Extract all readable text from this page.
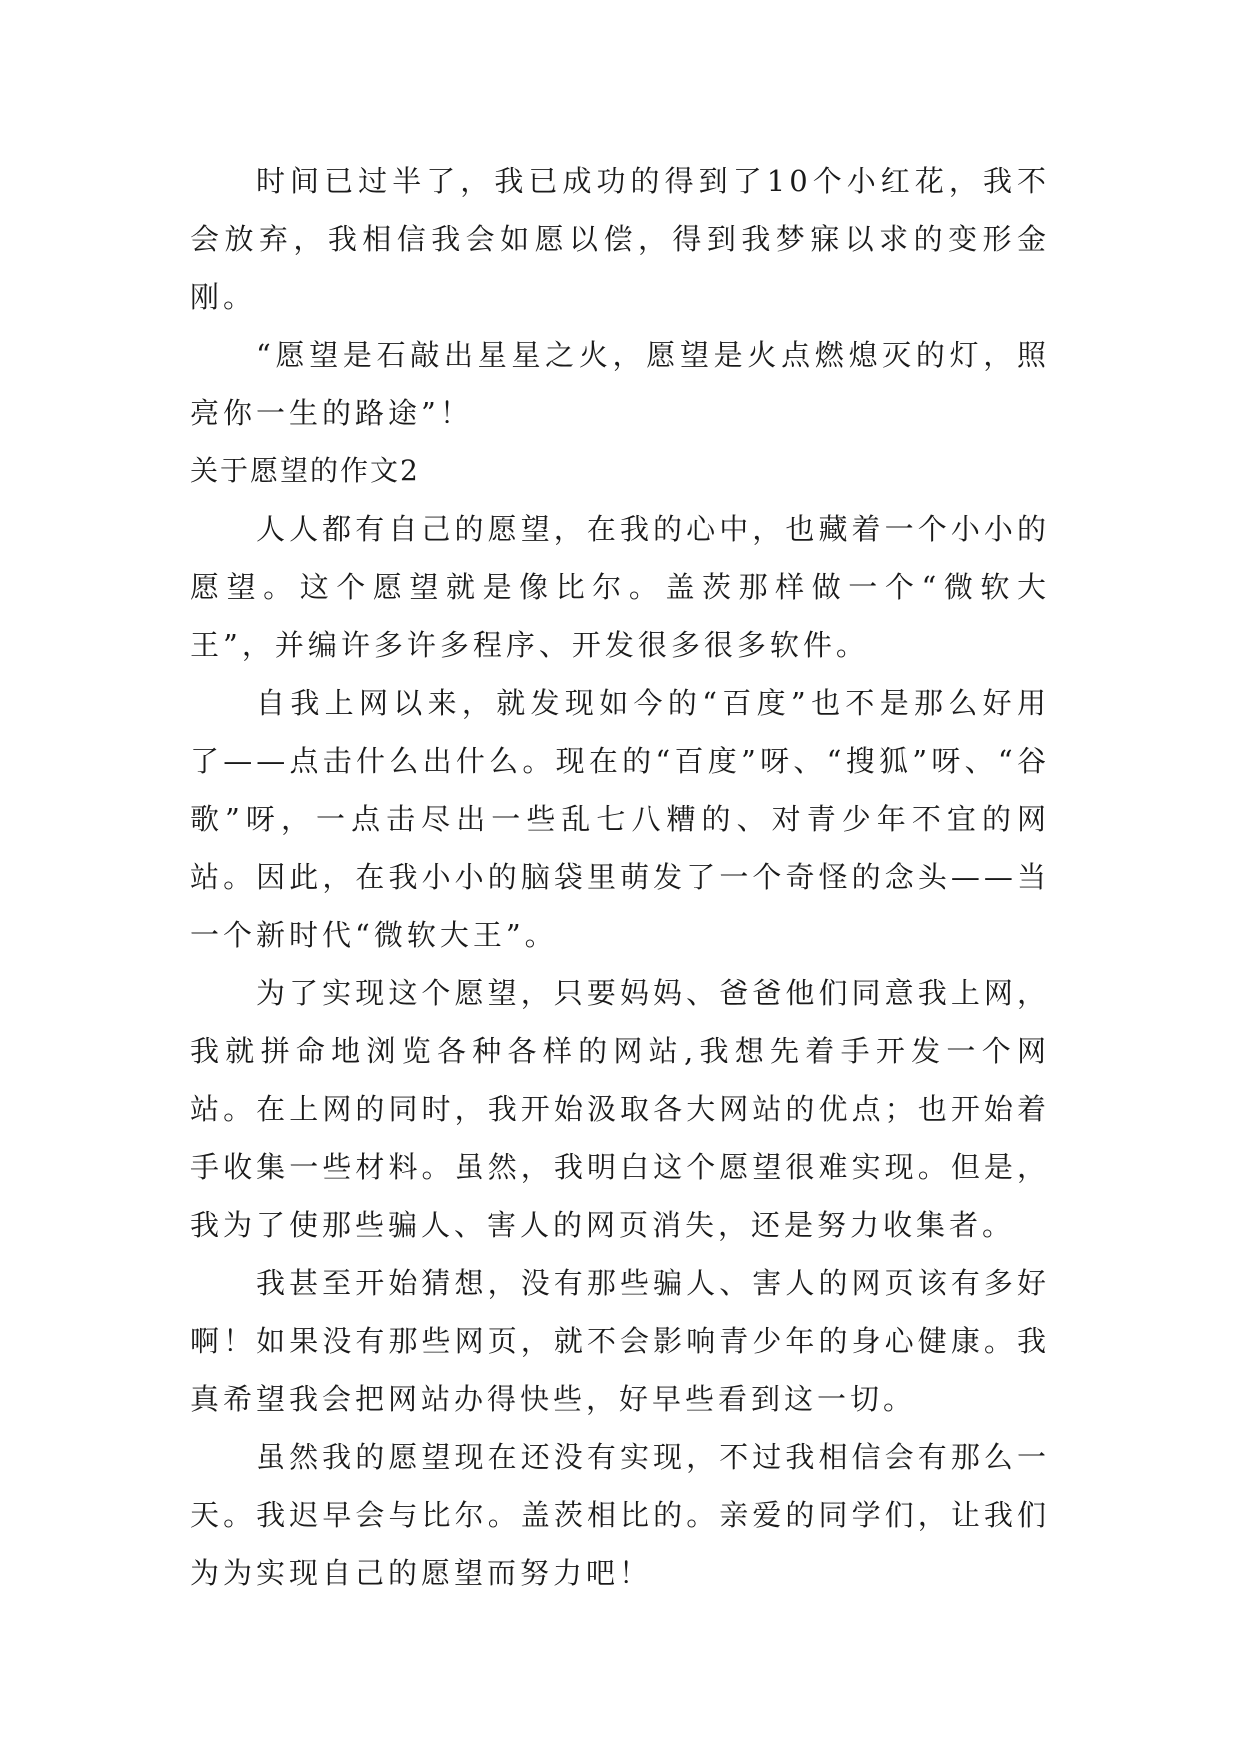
时间已过半了，我已成功的得到了10个小红花，我不会放弃，我相信我会如愿以偿，得到我梦寐以求的变形金刚。

“愿望是石敲出星星之火，愿望是火点燃熄灭的灯，照亮你一生的路途”！

关于愿望的作文2

人人都有自己的愿望，在我的心中，也藏着一个小小的愿望。这个愿望就是像比尔。盖茨那样做一个“微软大王”，并编许多许多程序、开发很多很多软件。

自我上网以来，就发现如今的“百度”也不是那么好用了——点击什么出什么。现在的“百度”呀、“搜狐”呀、“谷歌”呀，一点击尽出一些乱七八糟的、对青少年不宜的网站。因此，在我小小的脑袋里萌发了一个奇怪的念头——当一个新时代“微软大王”。

为了实现这个愿望，只要妈妈、爸爸他们同意我上网，我就拼命地浏览各种各样的网站,我想先着手开发一个网站。在上网的同时，我开始汲取各大网站的优点；也开始着手收集一些材料。虽然，我明白这个愿望很难实现。但是，我为了使那些骗人、害人的网页消失，还是努力收集者。

我甚至开始猜想，没有那些骗人、害人的网页该有多好啊！如果没有那些网页，就不会影响青少年的身心健康。我真希望我会把网站办得快些，好早些看到这一切。

虽然我的愿望现在还没有实现，不过我相信会有那么一天。我迟早会与比尔。盖茨相比的。亲爱的同学们，让我们为为实现自己的愿望而努力吧！
